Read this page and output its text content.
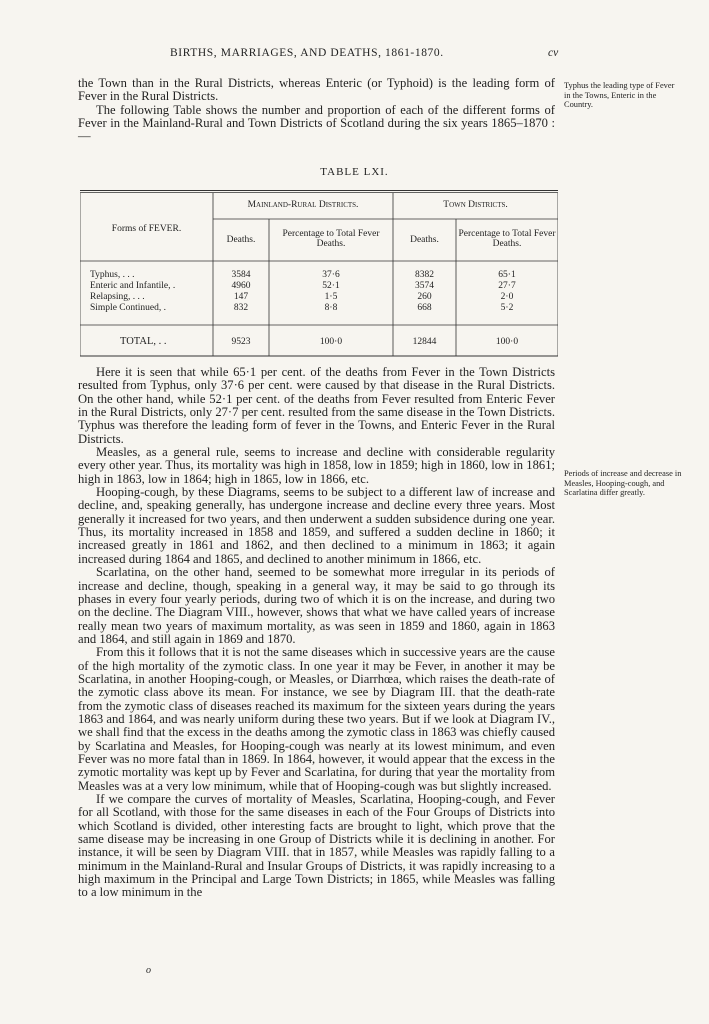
BIRTHS, MARRIAGES, AND DEATHS, 1861-1870.	cv

the Town than in the Rural Districts, whereas Enteric (or Typhoid) is the leading form of Fever in the Rural Districts.

The following Table shows the number and proportion of each of the different forms of Fever in the Mainland-Rural and Town Districts of Scotland during the six years 1865–1870 :—

Typhus the leading type of Fever in the Towns, Enteric in the Country.
TABLE LXI.
Forms of FEVER.
Mainland-Rural Districts.	Town Districts.
Deaths.
Percentage to Total Fever Deaths.	Deaths.
Percentage to Total Fever Deaths.
Typhus, . . .	3584	37·6	8382	65·1
Enteric and Infantile, .	4960	52·1	3574	27·7
Relapsing, . . .	147	1·5	260	2·0
Simple Continued, .	832	8·8	668	5·2
TOTAL, . .	9523	100·0	12844	100·0

Here it is seen that while 65·1 per cent. of the deaths from Fever in the Town Districts resulted from Typhus, only 37·6 per cent. were caused by that disease in the Rural Districts. On the other hand, while 52·1 per cent. of the deaths from Fever resulted from Enteric Fever in the Rural Districts, only 27·7 per cent. resulted from the same disease in the Town Districts. Typhus was therefore the leading form of fever in the Towns, and Enteric Fever in the Rural Districts.

Measles, as a general rule, seems to increase and decline with considerable regularity every other year. Thus, its mortality was high in 1858, low in 1859; high in 1860, low in 1861; high in 1863, low in 1864; high in 1865, low in 1866, etc.

Hooping-cough, by these Diagrams, seems to be subject to a different law of increase and decline, and, speaking generally, has undergone increase and decline every three years. Most generally it increased for two years, and then underwent a sudden subsidence during one year. Thus, its mortality increased in 1858 and 1859, and suffered a sudden decline in 1860; it increased greatly in 1861 and 1862, and then declined to a minimum in 1863; it again increased during 1864 and 1865, and declined to another minimum in 1866, etc.

Scarlatina, on the other hand, seemed to be somewhat more irregular in its periods of increase and decline, though, speaking in a general way, it may be said to go through its phases in every four yearly periods, during two of which it is on the increase, and during two on the decline. The Diagram VIII., however, shows that what we have called years of increase really mean two years of maximum mortality, as was seen in 1859 and 1860, again in 1863 and 1864, and still again in 1869 and 1870.

From this it follows that it is not the same diseases which in successive years are the cause of the high mortality of the zymotic class. In one year it may be Fever, in another it may be Scarlatina, in another Hooping-cough, or Measles, or Diarrhœa, which raises the death-rate of the zymotic class above its mean. For instance, we see by Diagram III. that the death-rate from the zymotic class of diseases reached its maximum for the sixteen years during the years 1863 and 1864, and was nearly uniform during these two years. But if we look at Diagram IV., we shall find that the excess in the deaths among the zymotic class in 1863 was chiefly caused by Scarlatina and Measles, for Hooping-cough was nearly at its lowest minimum, and even Fever was no more fatal than in 1869. In 1864, however, it would appear that the excess in the zymotic mortality was kept up by Fever and Scarlatina, for during that year the mortality from Measles was at a very low minimum, while that of Hooping-cough was but slightly increased.

If we compare the curves of mortality of Measles, Scarlatina, Hooping-cough, and Fever for all Scotland, with those for the same diseases in each of the Four Groups of Districts into which Scotland is divided, other interesting facts are brought to light, which prove that the same disease may be increasing in one Group of Districts while it is declining in another. For instance, it will be seen by Diagram VIII. that in 1857, while Measles was rapidly falling to a minimum in the Mainland-Rural and Insular Groups of Districts, it was rapidly increasing to a high maximum in the Principal and Large Town Districts; in 1865, while Measles was falling to a low minimum in the

Periods of increase and decrease in Measles, Hooping-cough, and Scarlatina differ greatly.
o
